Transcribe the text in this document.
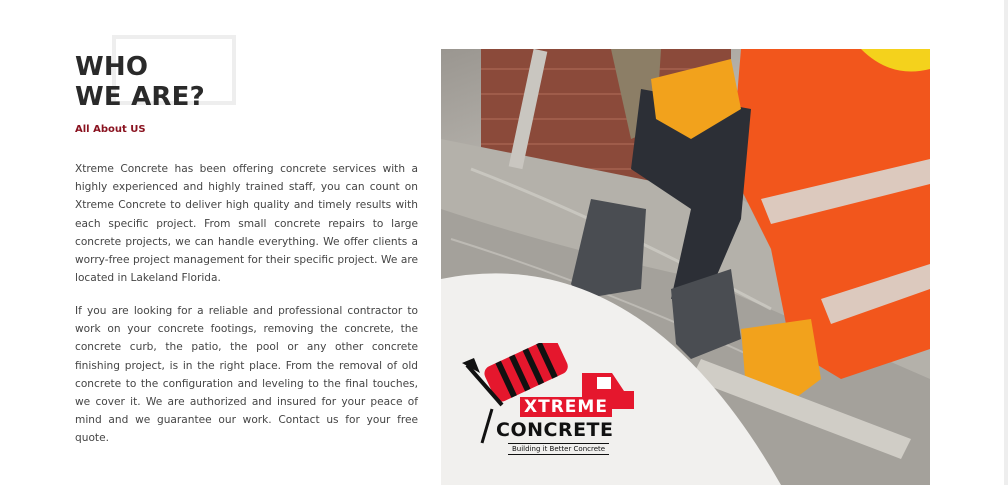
WHO
WE ARE?
All About US

Xtreme Concrete has been offering concrete services with a highly experienced and highly trained staff, you can count on Xtreme Concrete to deliver high quality and timely results with each specific project. From small concrete repairs to large concrete projects, we can handle everything. We offer clients a worry-free project management for their specific project. We are located in Lakeland Florida.

If you are looking for a reliable and professional contractor to work on your concrete footings, removing the concrete, the concrete curb, the patio, the pool or any other concrete finishing project, is in the right place. From the removal of old concrete to the configuration and leveling to the final touches, we cover it. We are authorized and insured for your peace of mind and we guarantee our work. Contact us for your free quote.

XTREME
CONCRETE
Building it Better Concrete
